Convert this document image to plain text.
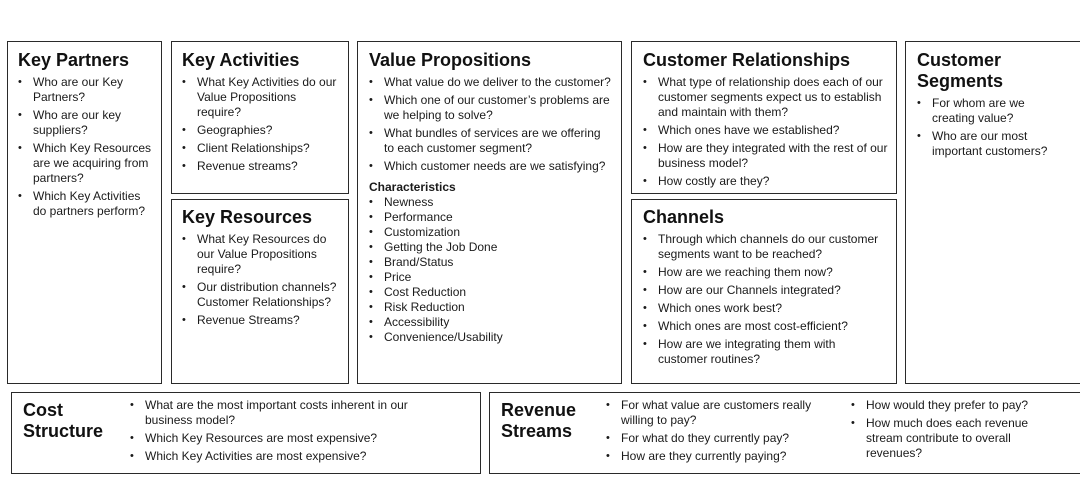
Key Partners
• Who are our Key Partners?
• Who are our key suppliers?
• Which Key Resources are we acquiring from partners?
• Which Key Activities do partners perform?
Key Activities
• What Key Activities do our Value Propositions require?
• Geographies?
• Client Relationships?
• Revenue streams?
Key Resources
• What Key Resources do our Value Propositions require?
• Our distribution channels? Customer Relationships?
• Revenue Streams?
Value Propositions
• What value do we deliver to the customer?
• Which one of our customer’s problems are we helping to solve?
• What bundles of services are we offering to each customer segment?
• Which customer needs are we satisfying?
Characteristics
• Newness
• Performance
• Customization
• Getting the Job Done
• Brand/Status
• Price
• Cost Reduction
• Risk Reduction
• Accessibility
• Convenience/Usability
Customer Relationships
• What type of relationship does each of our customer segments expect us to establish and maintain with them?
• Which ones have we established?
• How are they integrated with the rest of our business model?
• How costly are they?
Channels
• Through which channels do our customer segments want to be reached?
• How are we reaching them now?
• How are our Channels integrated?
• Which ones work best?
• Which ones are most cost-efficient?
• How are we integrating them with customer routines?
Customer Segments
• For whom are we creating value?
• Who are our most important customers?
Cost Structure
• What are the most important costs inherent in our business model?
• Which Key Resources are most expensive?
• Which Key Activities are most expensive?
Revenue Streams
• For what value are customers really willing to pay?
• For what do they currently pay?
• How are they currently paying?
• How would they prefer to pay?
• How much does each revenue stream contribute to overall revenues?
